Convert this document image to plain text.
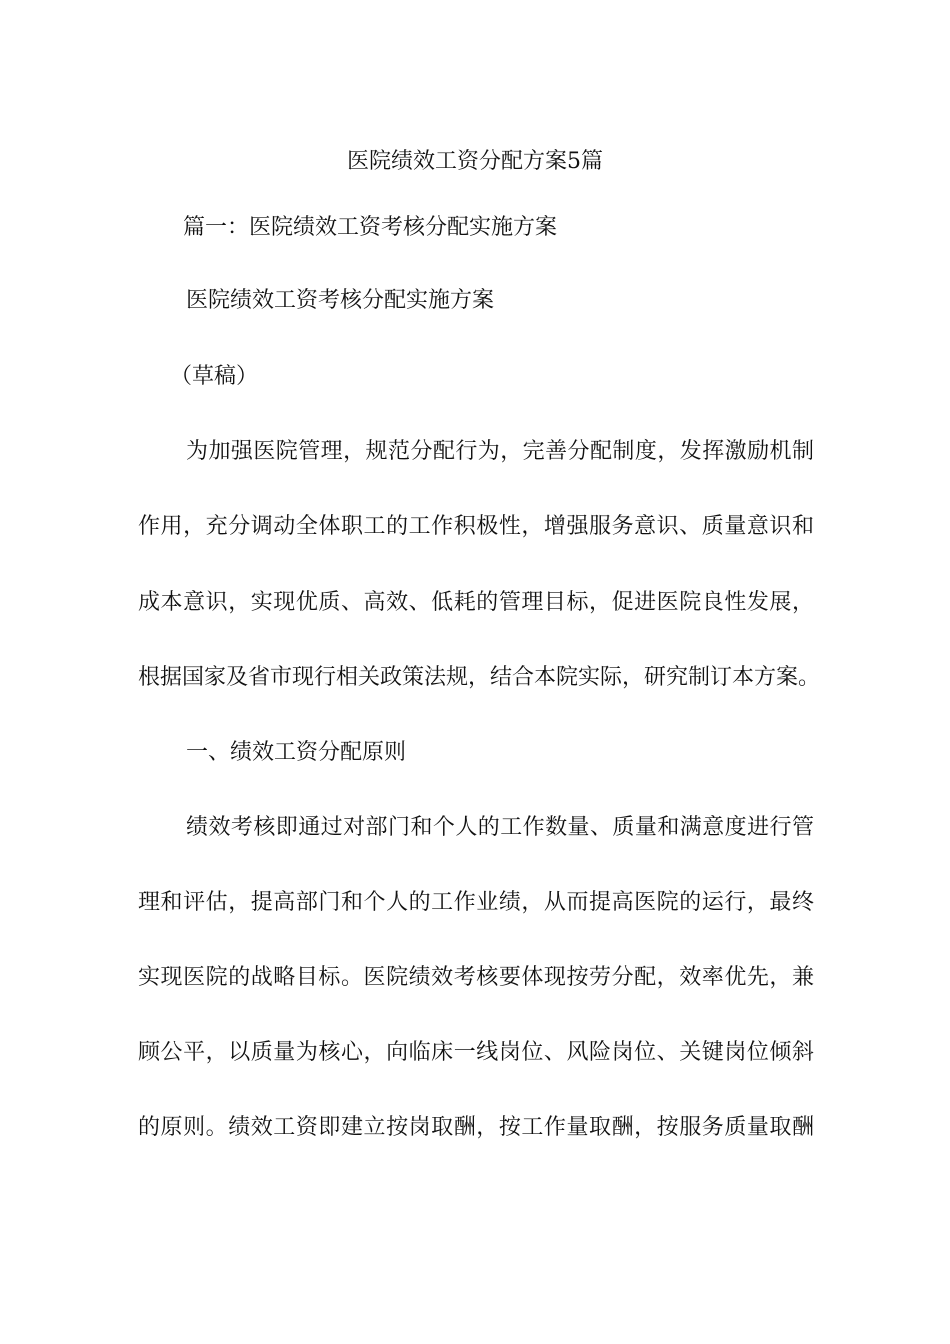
医院绩效工资分配方案5篇
篇一：医院绩效工资考核分配实施方案
医院绩效工资考核分配实施方案
（草稿）
为加强医院管理，规范分配行为，完善分配制度，发挥激励机制
作用，充分调动全体职工的工作积极性，增强服务意识、质量意识和
成本意识，实现优质、高效、低耗的管理目标，促进医院良性发展，
根据国家及省市现行相关政策法规，结合本院实际，研究制订本方案。
一、绩效工资分配原则
绩效考核即通过对部门和个人的工作数量、质量和满意度进行管
理和评估，提高部门和个人的工作业绩，从而提高医院的运行，最终
实现医院的战略目标。医院绩效考核要体现按劳分配，效率优先，兼
顾公平，以质量为核心，向临床一线岗位、风险岗位、关键岗位倾斜
的原则。绩效工资即建立按岗取酬，按工作量取酬，按服务质量取酬
